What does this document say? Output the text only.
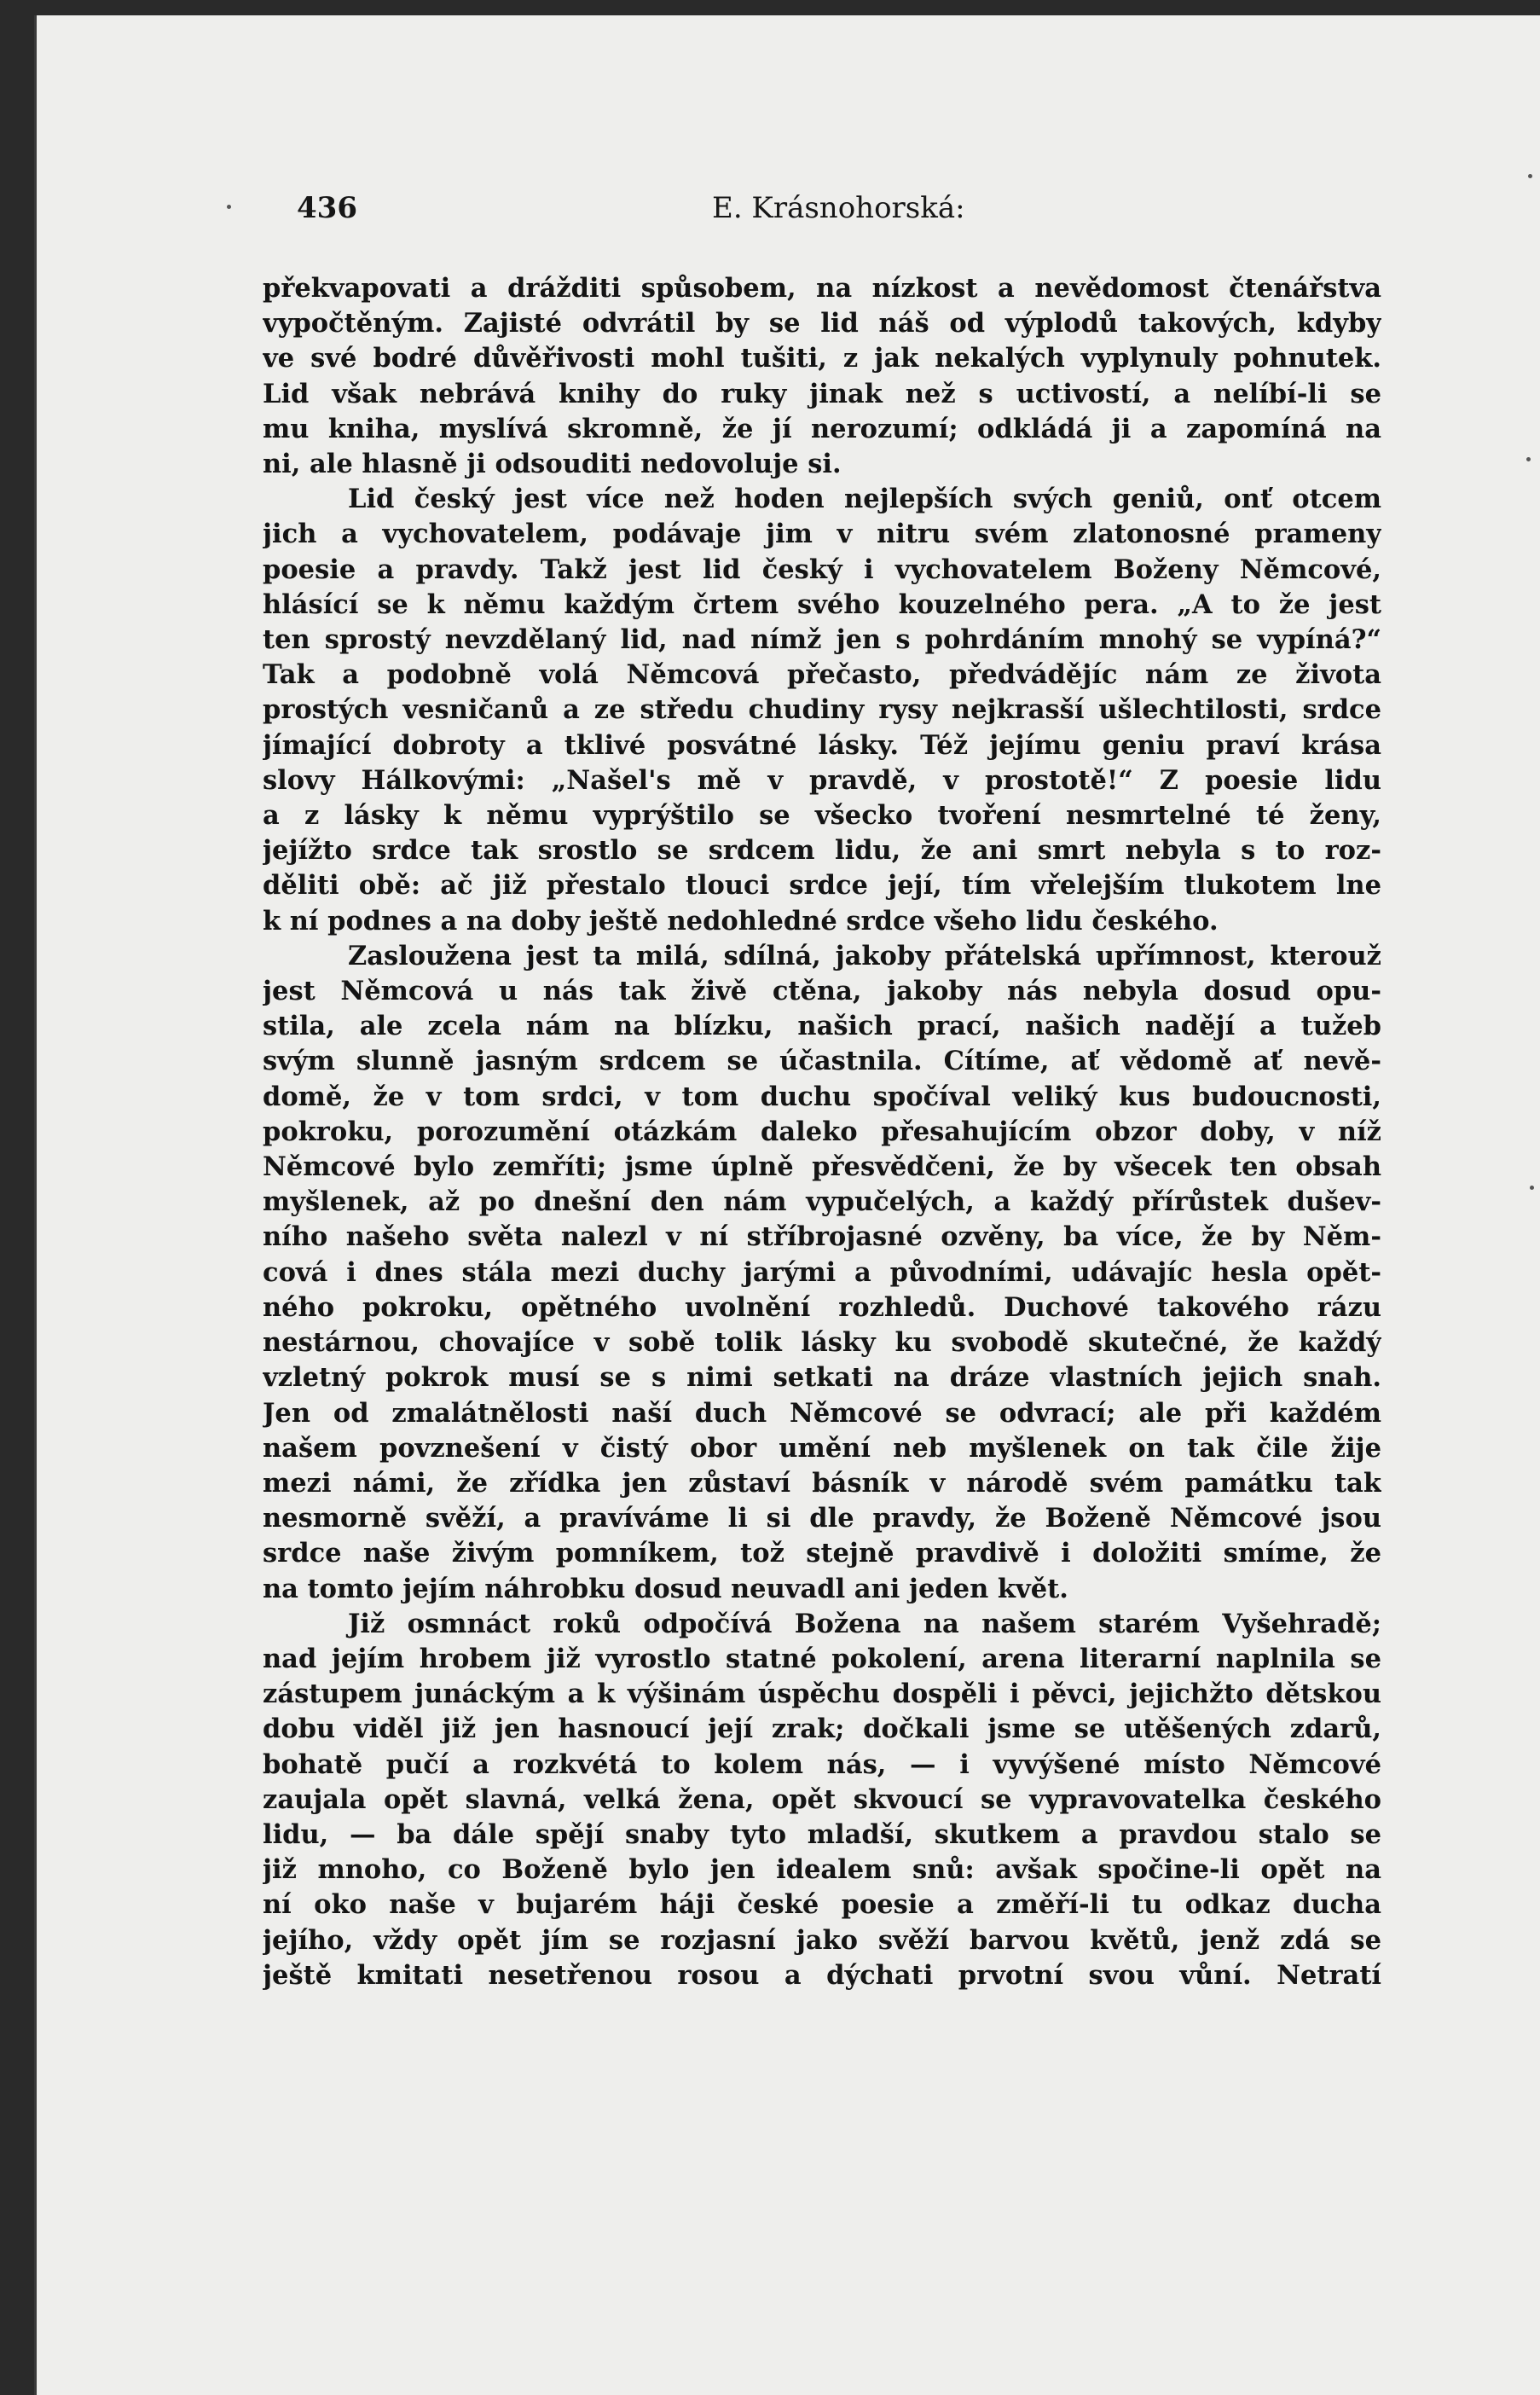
436	E. Krásnohorská:
překvapovati a drážditi spůsobem, na nízkost a nevědomost čtenářstva
vypočtěným. Zajisté odvrátil by se lid náš od výplodů takových, kdyby
ve své bodré důvěřivosti mohl tušiti, z jak nekalých vyplynuly pohnutek.
Lid však nebrává knihy do ruky jinak než s uctivostí, a nelíbí-li se
mu kniha, myslívá skromně, že jí nerozumí; odkládá ji a zapomíná na
ni, ale hlasně ji odsouditi nedovoluje si.
Lid český jest více než hoden nejlepších svých geniů, onť otcem
jich a vychovatelem, podávaje jim v nitru svém zlatonosné prameny
poesie a pravdy. Takž jest lid český i vychovatelem Boženy Němcové,
hlásící se k němu každým črtem svého kouzelného pera. „A to že jest
ten sprostý nevzdělaný lid, nad nímž jen s pohrdáním mnohý se vypíná?“
Tak a podobně volá Němcová přečasto, předvádějíc nám ze života
prostých vesničanů a ze středu chudiny rysy nejkrasší ušlechtilosti, srdce
jímající dobroty a tklivé posvátné lásky. Též jejímu geniu praví krása
slovy Hálkovými: „Našel's mě v pravdě, v prostotě!“ Z poesie lidu
a z lásky k němu vyprýštilo se všecko tvoření nesmrtelné té ženy,
jejížto srdce tak srostlo se srdcem lidu, že ani smrt nebyla s to roz-
děliti obě: ač již přestalo tlouci srdce její, tím vřelejším tlukotem lne
k ní podnes a na doby ještě nedohledné srdce všeho lidu českého.
Zasloužena jest ta milá, sdílná, jakoby přátelská upřímnost, kterouž
jest Němcová u nás tak živě ctěna, jakoby nás nebyla dosud opu-
stila, ale zcela nám na blízku, našich prací, našich nadějí a tužeb
svým slunně jasným srdcem se účastnila. Cítíme, ať vědomě ať nevě-
domě, že v tom srdci, v tom duchu spočíval veliký kus budoucnosti,
pokroku, porozumění otázkám daleko přesahujícím obzor doby, v níž
Němcové bylo zemříti; jsme úplně přesvědčeni, že by všecek ten obsah
myšlenek, až po dnešní den nám vypučelých, a každý přírůstek dušev-
ního našeho světa nalezl v ní stříbrojasné ozvěny, ba více, že by Něm-
cová i dnes stála mezi duchy jarými a původními, udávajíc hesla opět-
ného pokroku, opětného uvolnění rozhledů. Duchové takového rázu
nestárnou, chovajíce v sobě tolik lásky ku svobodě skutečné, že každý
vzletný pokrok musí se s nimi setkati na dráze vlastních jejich snah.
Jen od zmalátnělosti naší duch Němcové se odvrací; ale při každém
našem povznešení v čistý obor umění neb myšlenek on tak čile žije
mezi námi, že zřídka jen zůstaví básník v národě svém památku tak
nesmorně svěží, a pravíváme li si dle pravdy, že Boženě Němcové jsou
srdce naše živým pomníkem, tož stejně pravdivě i doložiti smíme, že
na tomto jejím náhrobku dosud neuvadl ani jeden květ.
Již osmnáct roků odpočívá Božena na našem starém Vyšehradě;
nad jejím hrobem již vyrostlo statné pokolení, arena literarní naplnila se
zástupem junáckým a k výšinám úspěchu dospěli i pěvci, jejichžto dětskou
dobu viděl již jen hasnoucí její zrak; dočkali jsme se utěšených zdarů,
bohatě pučí a rozkvétá to kolem nás, — i vyvýšené místo Němcové
zaujala opět slavná, velká žena, opět skvoucí se vypravovatelka českého
lidu, — ba dále spějí snaby tyto mladší, skutkem a pravdou stalo se
již mnoho, co Boženě bylo jen idealem snů: avšak spočine-li opět na
ní oko naše v bujarém háji české poesie a změří-li tu odkaz ducha
jejího, vždy opět jím se rozjasní jako svěží barvou květů, jenž zdá se
ještě kmitati nesetřenou rosou a dýchati prvotní svou vůní. Netratí
